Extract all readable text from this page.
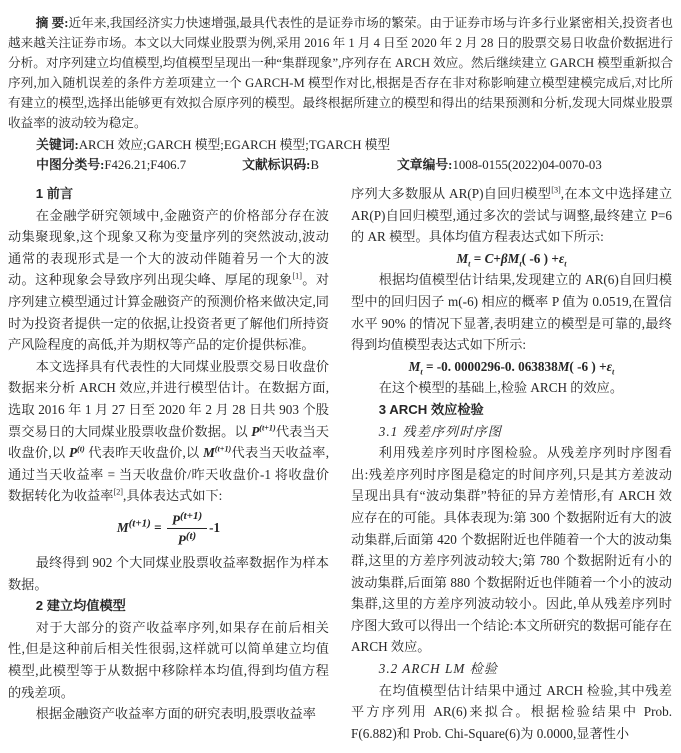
摘 要:近年来,我国经济实力快速增强,最具代表性的是证券市场的繁荣。由于证券市场与许多行业紧密相关,投资者也越来越关注证券市场。本文以大同煤业股票为例,采用 2016 年 1 月 4 日至 2020 年 2 月 28 日的股票交易日收盘价数据进行分析。对序列建立均值模型,均值模型呈现出一种“集群现象”,序列存在 ARCH 效应。然后继续建立 GARCH 模型重新拟合序列,加入随机误差的条件方差项建立一个 GARCH-M 模型作对比,根据是否存在非对称影响建立模型建模完成后,对比所有建立的模型,选择出能够更有效拟合原序列的模型。最终根据所建立的模型和得出的结果预测和分析,发现大同煤业股票收益率的波动较为稳定。

关键词:ARCH 效应;GARCH 模型;EGARCH 模型;TGARCH 模型

中图分类号:F426.21;F406.7	文献标识码:B	文章编号:1008-0155(2022)04-0070-03

1 前言

在金融学研究领域中,金融资产的价格部分存在波动集聚现象,这个现象又称为变量序列的突然波动,波动通常的表现形式是一个大的波动伴随着另一个大的波动。这种现象会导致序列出现尖峰、厚尾的现象[1]。对序列建立模型通过计算金融资产的预测价格来做决定,同时为投资者提供一定的依据,让投资者更了解他们所持资产风险程度的高低,并为期权等产品的定价提供标准。

本文选择具有代表性的大同煤业股票交易日收盘价数据来分析 ARCH 效应,并进行模型估计。在数据方面,选取 2016 年 1 月 27 日至 2020 年 2 月 28 日共 903 个股票交易日的大同煤业股票收盘价数据。以 $P^{(t+1)}$代表当天收盘价,以 $P^{(t)}$ 代表昨天收盘价,以 $M^{(t+1)}$代表当天收益率,通过当天收益率 = 当天收盘价/昨天收盘价-1 将收盘价数据转化为收益率[2],具体表达式如下:

$M^{(t+1)} = \frac{P^{(t+1)}}{P^{(t)}} -1$

最终得到 902 个大同煤业股票收益率数据作为样本数据。

2 建立均值模型

对于大部分的资产收益率序列,如果存在前后相关性,但是这种前后相关性很弱,这样就可以简单建立均值模型,此模型等于从数据中移除样本均值,得到均值方程的残差项。

根据金融资产收益率方面的研究表明,股票收益率

序列大多数服从 AR(P)自回归模型[3],在本文中选择建立 AR(P)自回归模型,通过多次的尝试与调整,最终建立 P=6 的 AR 模型。具体均值方程表达式如下所示:

$M_t = C+\beta M_t$( -6 ) $+\varepsilon_t$

根据均值模型估计结果,发现建立的 AR(6)自回归模型中的回归因子 m(-6) 相应的概率 P 值为 0.0519,在置信水平 90% 的情况下显著,表明建立的模型是可靠的,最终得到均值模型表达式如下所示:

$M_t = -0$. 0000296-0. 063838M( -6 ) $+\varepsilon_t$

在这个模型的基础上,检验 ARCH 的效应。

3 ARCH 效应检验

3.1 残差序列时序图

利用残差序列时序图检验。从残差序列时序图看出:残差序列时序图是稳定的时间序列,只是其方差波动呈现出具有“波动集群”特征的异方差情形,有 ARCH 效应存在的可能。具体表现为:第 300 个数据附近有大的波动集群,后面第 420 个数据附近也伴随着一个大的波动集群,这里的方差序列波动较大;第 780 个数据附近有小的波动集群,后面第 880 个数据附近也伴随着一个小的波动集群,这里的方差序列波动较小。因此,单从残差序列时序图大致可以得出一个结论:本文所研究的数据可能存在 ARCH 效应。

3.2 ARCH LM 检验

在均值模型估计结果中通过 ARCH 检验,其中残差平方序列用 AR(6)来拟合。根据检验结果中 Prob. F(6.882)和 Prob. Chi-Square(6)为 0.0000,显著性小
